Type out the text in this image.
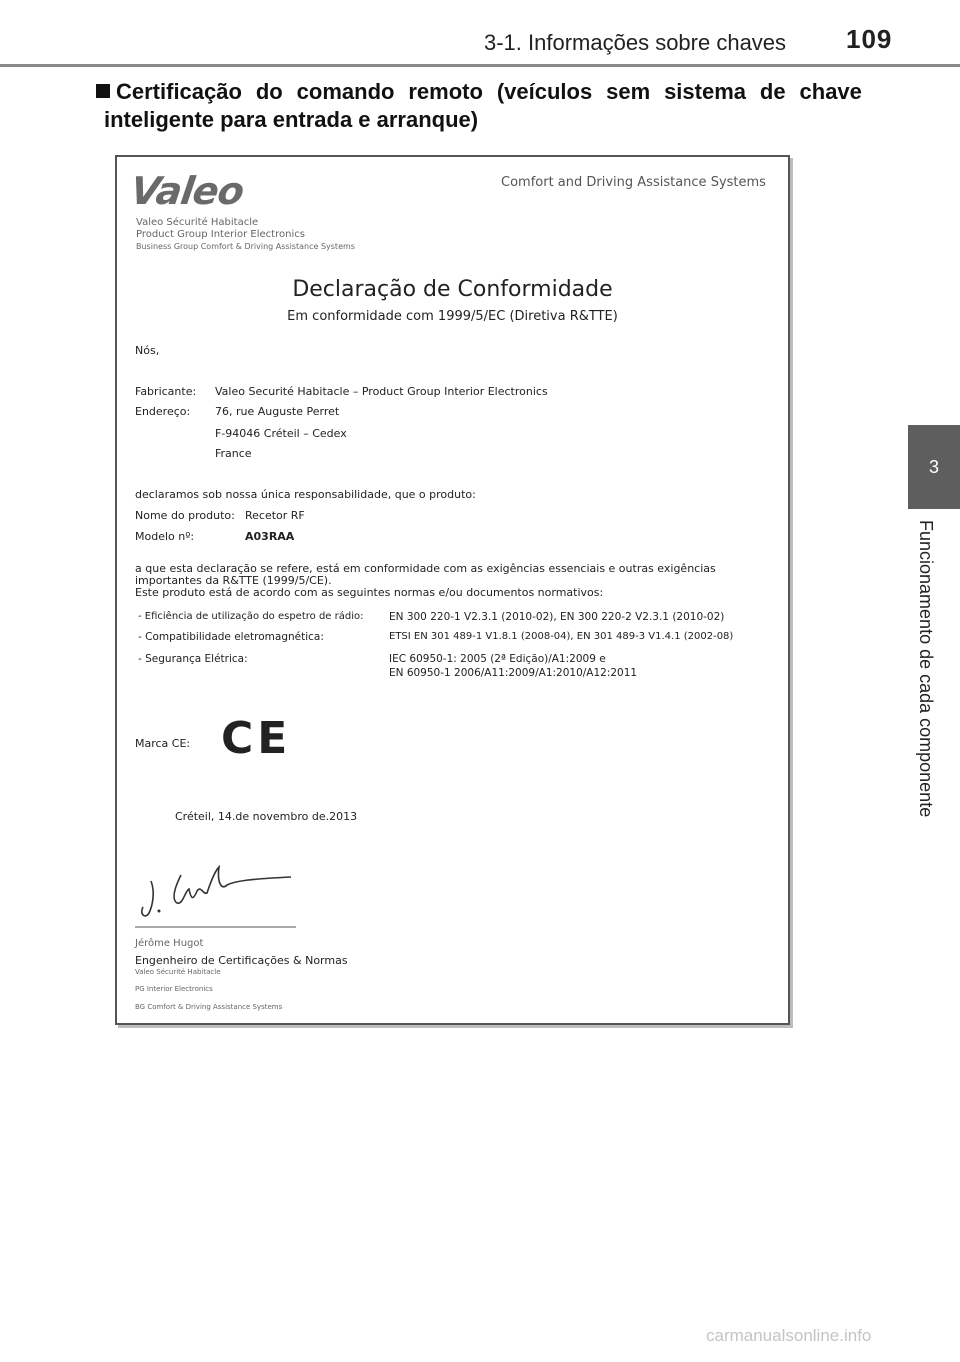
3-1. Informações sobre chaves 109
Certificação do comando remoto (veículos sem sistema de chave
inteligente para entrada e arranque)
3
Funcionamento de cada componente
Valeo	Comfort and Driving Assistance Systems
Valeo Sécurité Habitacle
Product Group Interior Electronics
Business Group Comfort & Driving Assistance Systems
Declaração de Conformidade
Em conformidade com 1999/5/EC (Diretiva R&TTE)
Nós,
Fabricante: Valeo Securité Habitacle – Product Group Interior Electronics
Endereço: 76, rue Auguste Perret
F-94046 Créteil – Cedex
France
declaramos sob nossa única responsabilidade, que o produto:
Nome do produto: Recetor RF
Modelo nº:	A03RAA
a que esta declaração se refere, está em conformidade com as exigências essenciais e outras exigências
importantes da R&TTE (1999/5/CE).
Este produto está de acordo com as seguintes normas e/ou documentos normativos:
- Eficiência de utilização do espetro de rádio: EN 300 220-1 V2.3.1 (2010-02), EN 300 220-2 V2.3.1 (2010-02)
- Compatibilidade eletromagnética:	ETSI EN 301 489-1 V1.8.1 (2008-04), EN 301 489-3 V1.4.1 (2002-08)
- Segurança Elétrica:	IEC 60950-1: 2005 (2ª Edição)/A1:2009 e
EN 60950-1 2006/A11:2009/A1:2010/A12:2011
Marca CE: CE
Créteil, 14.de novembro de.2013
Jérôme Hugot
Engenheiro de Certificações & Normas
Valeo Sécurité Habitacle
PG Interior Electronics
BG Comfort & Driving Assistance Systems
carmanualsonline.info
